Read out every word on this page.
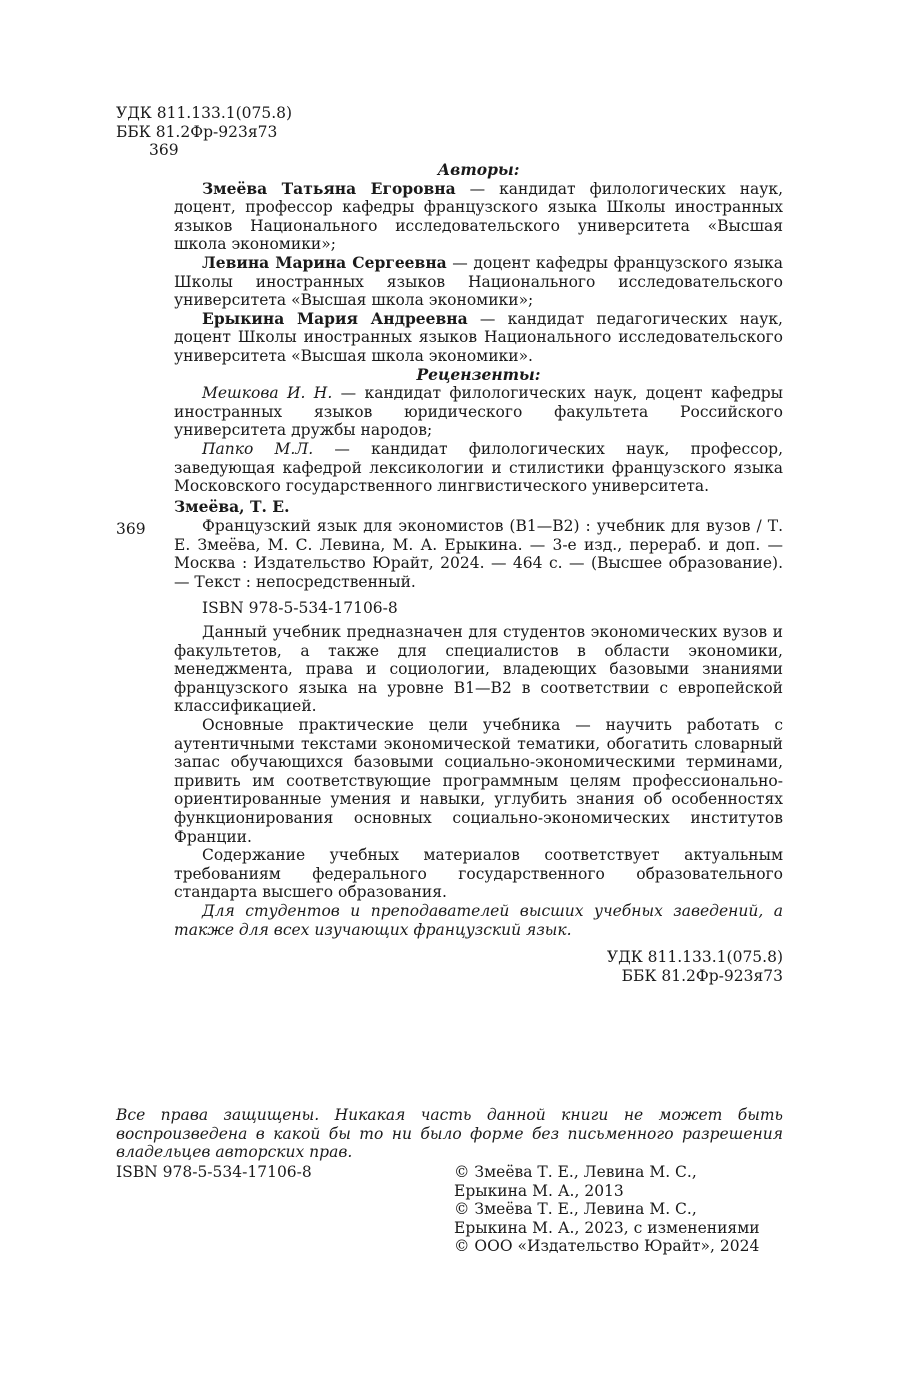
УДК 811.133.1(075.8)
ББК 81.2Фр-923я73
369
Авторы:

Змеёва Татьяна Егоровна — кандидат филологических наук, доцент, профессор кафедры французского языка Школы иностранных языков Национального исследовательского университета «Высшая школа экономики»;

Левина Марина Сергеевна — доцент кафедры французского языка Школы иностранных языков Национального исследовательского университета «Высшая школа экономики»;

Ерыкина Мария Андреевна — кандидат педагогических наук, доцент Школы иностранных языков Национального исследовательского университета «Высшая школа экономики».

Рецензенты:

Мешкова И. Н. — кандидат филологических наук, доцент кафедры иностранных языков юридического факультета Российского университета дружбы народов;

Папко М.Л. — кандидат филологических наук, профессор, заведующая кафедрой лексикологии и стилистики французского языка Московского государственного лингвистического университета.

Змеёва, Т. Е.
369	Французский язык для экономистов (B1—B2) : учебник для вузов / Т. Е. Змеёва, М. С. Левина, М. А. Ерыкина. — 3-е изд., перераб. и доп. — Москва : Издательство Юрайт, 2024. — 464 с. — (Высшее образование). — Текст : непосредственный.

ISBN 978-5-534-17106-8

Данный учебник предназначен для студентов экономических вузов и факультетов, а также для специалистов в области экономики, менеджмента, права и социологии, владеющих базовыми знаниями французского языка на уровне B1—B2 в соответствии с европейской классификацией.

Основные практические цели учебника — научить работать с аутентичными текстами экономической тематики, обогатить словарный запас обучающихся базовыми социально-экономическими терминами, привить им соответствующие программным целям профессионально-ориентированные умения и навыки, углубить знания об особенностях функционирования основных социально-экономических институтов Франции.

Содержание учебных материалов соответствует актуальным требованиям федерального государственного образовательного стандарта высшего образования.

Для студентов и преподавателей высших учебных заведений, а также для всех изучающих французский язык.

УДК 811.133.1(075.8)
ББК 81.2Фр-923я73
Все права защищены. Никакая часть данной книги не может быть воспроизведена в какой бы то ни было форме без письменного разрешения владельцев авторских прав.
ISBN 978-5-534-17106-8	© Змеёва Т. Е., Левина М. С.,
Ерыкина М. А., 2013
© Змеёва Т. Е., Левина М. С.,
Ерыкина М. А., 2023, с изменениями
© ООО «Издательство Юрайт», 2024
